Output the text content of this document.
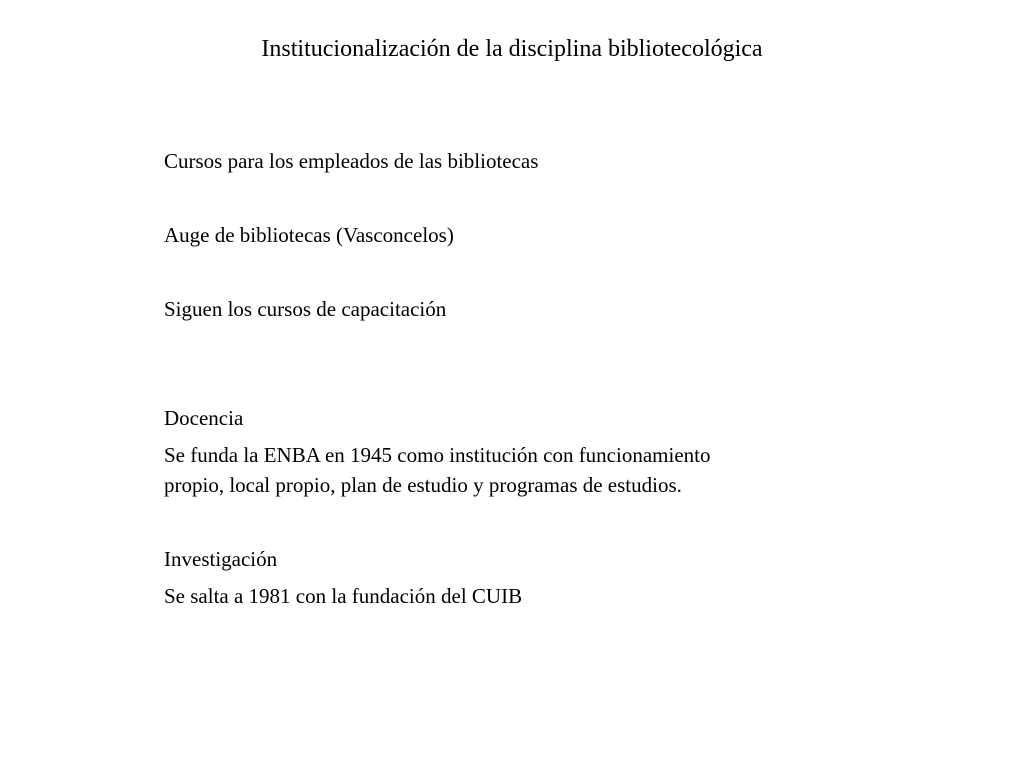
Institucionalización de la disciplina bibliotecológica
Cursos para los empleados de las bibliotecas
Auge de bibliotecas (Vasconcelos)
Siguen los cursos de capacitación
Docencia
Se funda la ENBA en 1945 como institución con funcionamiento
propio, local propio, plan de estudio y programas de estudios.
Investigación
Se salta a 1981 con la fundación del CUIB
